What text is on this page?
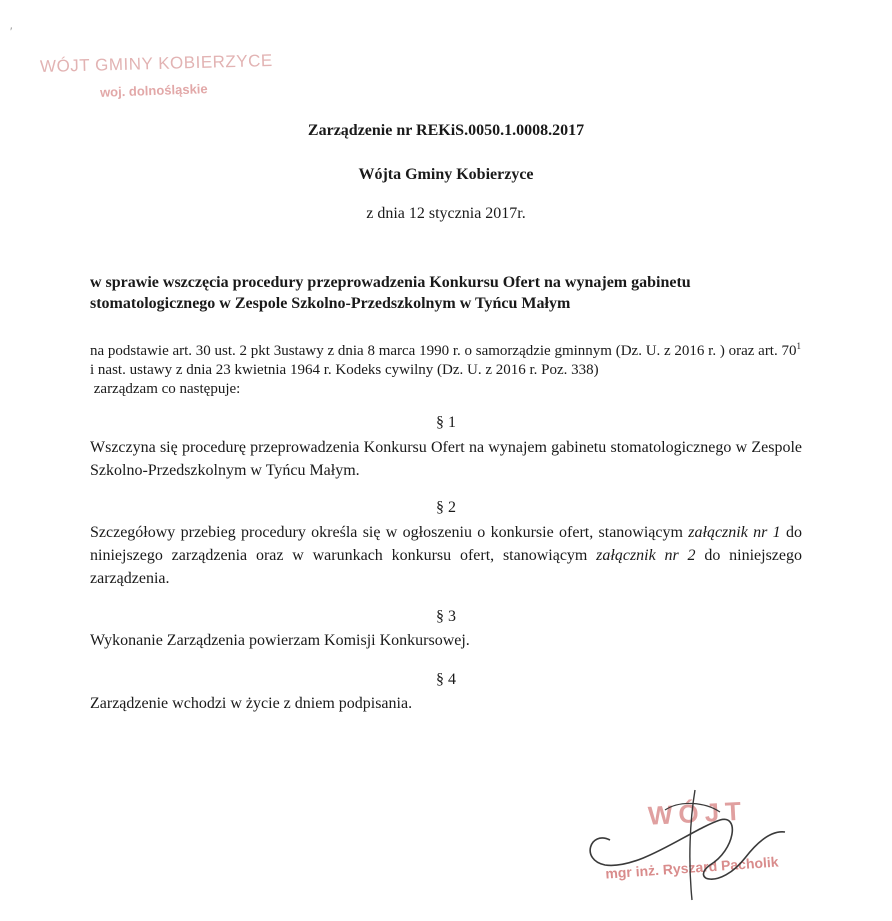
′
WÓJT GMINY KOBIERZYCE
woj. dolnośląskie
Zarządzenie nr REKiS.0050.1.0008.2017
Wójta Gminy Kobierzyce
z dnia 12 stycznia 2017r.
w sprawie wszczęcia procedury przeprowadzenia Konkursu Ofert na wynajem gabinetu stomatologicznego w Zespole Szkolno-Przedszkolnym w Tyńcu Małym
na podstawie art. 30 ust. 2 pkt 3ustawy z dnia 8 marca 1990 r. o samorządzie gminnym (Dz. U. z 2016 r. ) oraz art. $70^1$ i nast. ustawy z dnia 23 kwietnia 1964 r. Kodeks cywilny (Dz. U. z 2016 r. Poz. 338)
zarządzam co następuje:
§ 1
Wszczyna się procedurę przeprowadzenia Konkursu Ofert na wynajem gabinetu stomatologicznego w Zespole Szkolno-Przedszkolnym w Tyńcu Małym.
§ 2
Szczegółowy przebieg procedury określa się w ogłoszeniu o konkursie ofert, stanowiącym załącznik nr 1 do niniejszego zarządzenia oraz w warunkach konkursu ofert, stanowiącym załącznik nr 2 do niniejszego zarządzenia.
§ 3
Wykonanie Zarządzenia powierzam Komisji Konkursowej.
§ 4
Zarządzenie wchodzi w życie z dniem podpisania.
WÓJT
mgr inż. Ryszard Pacholik
